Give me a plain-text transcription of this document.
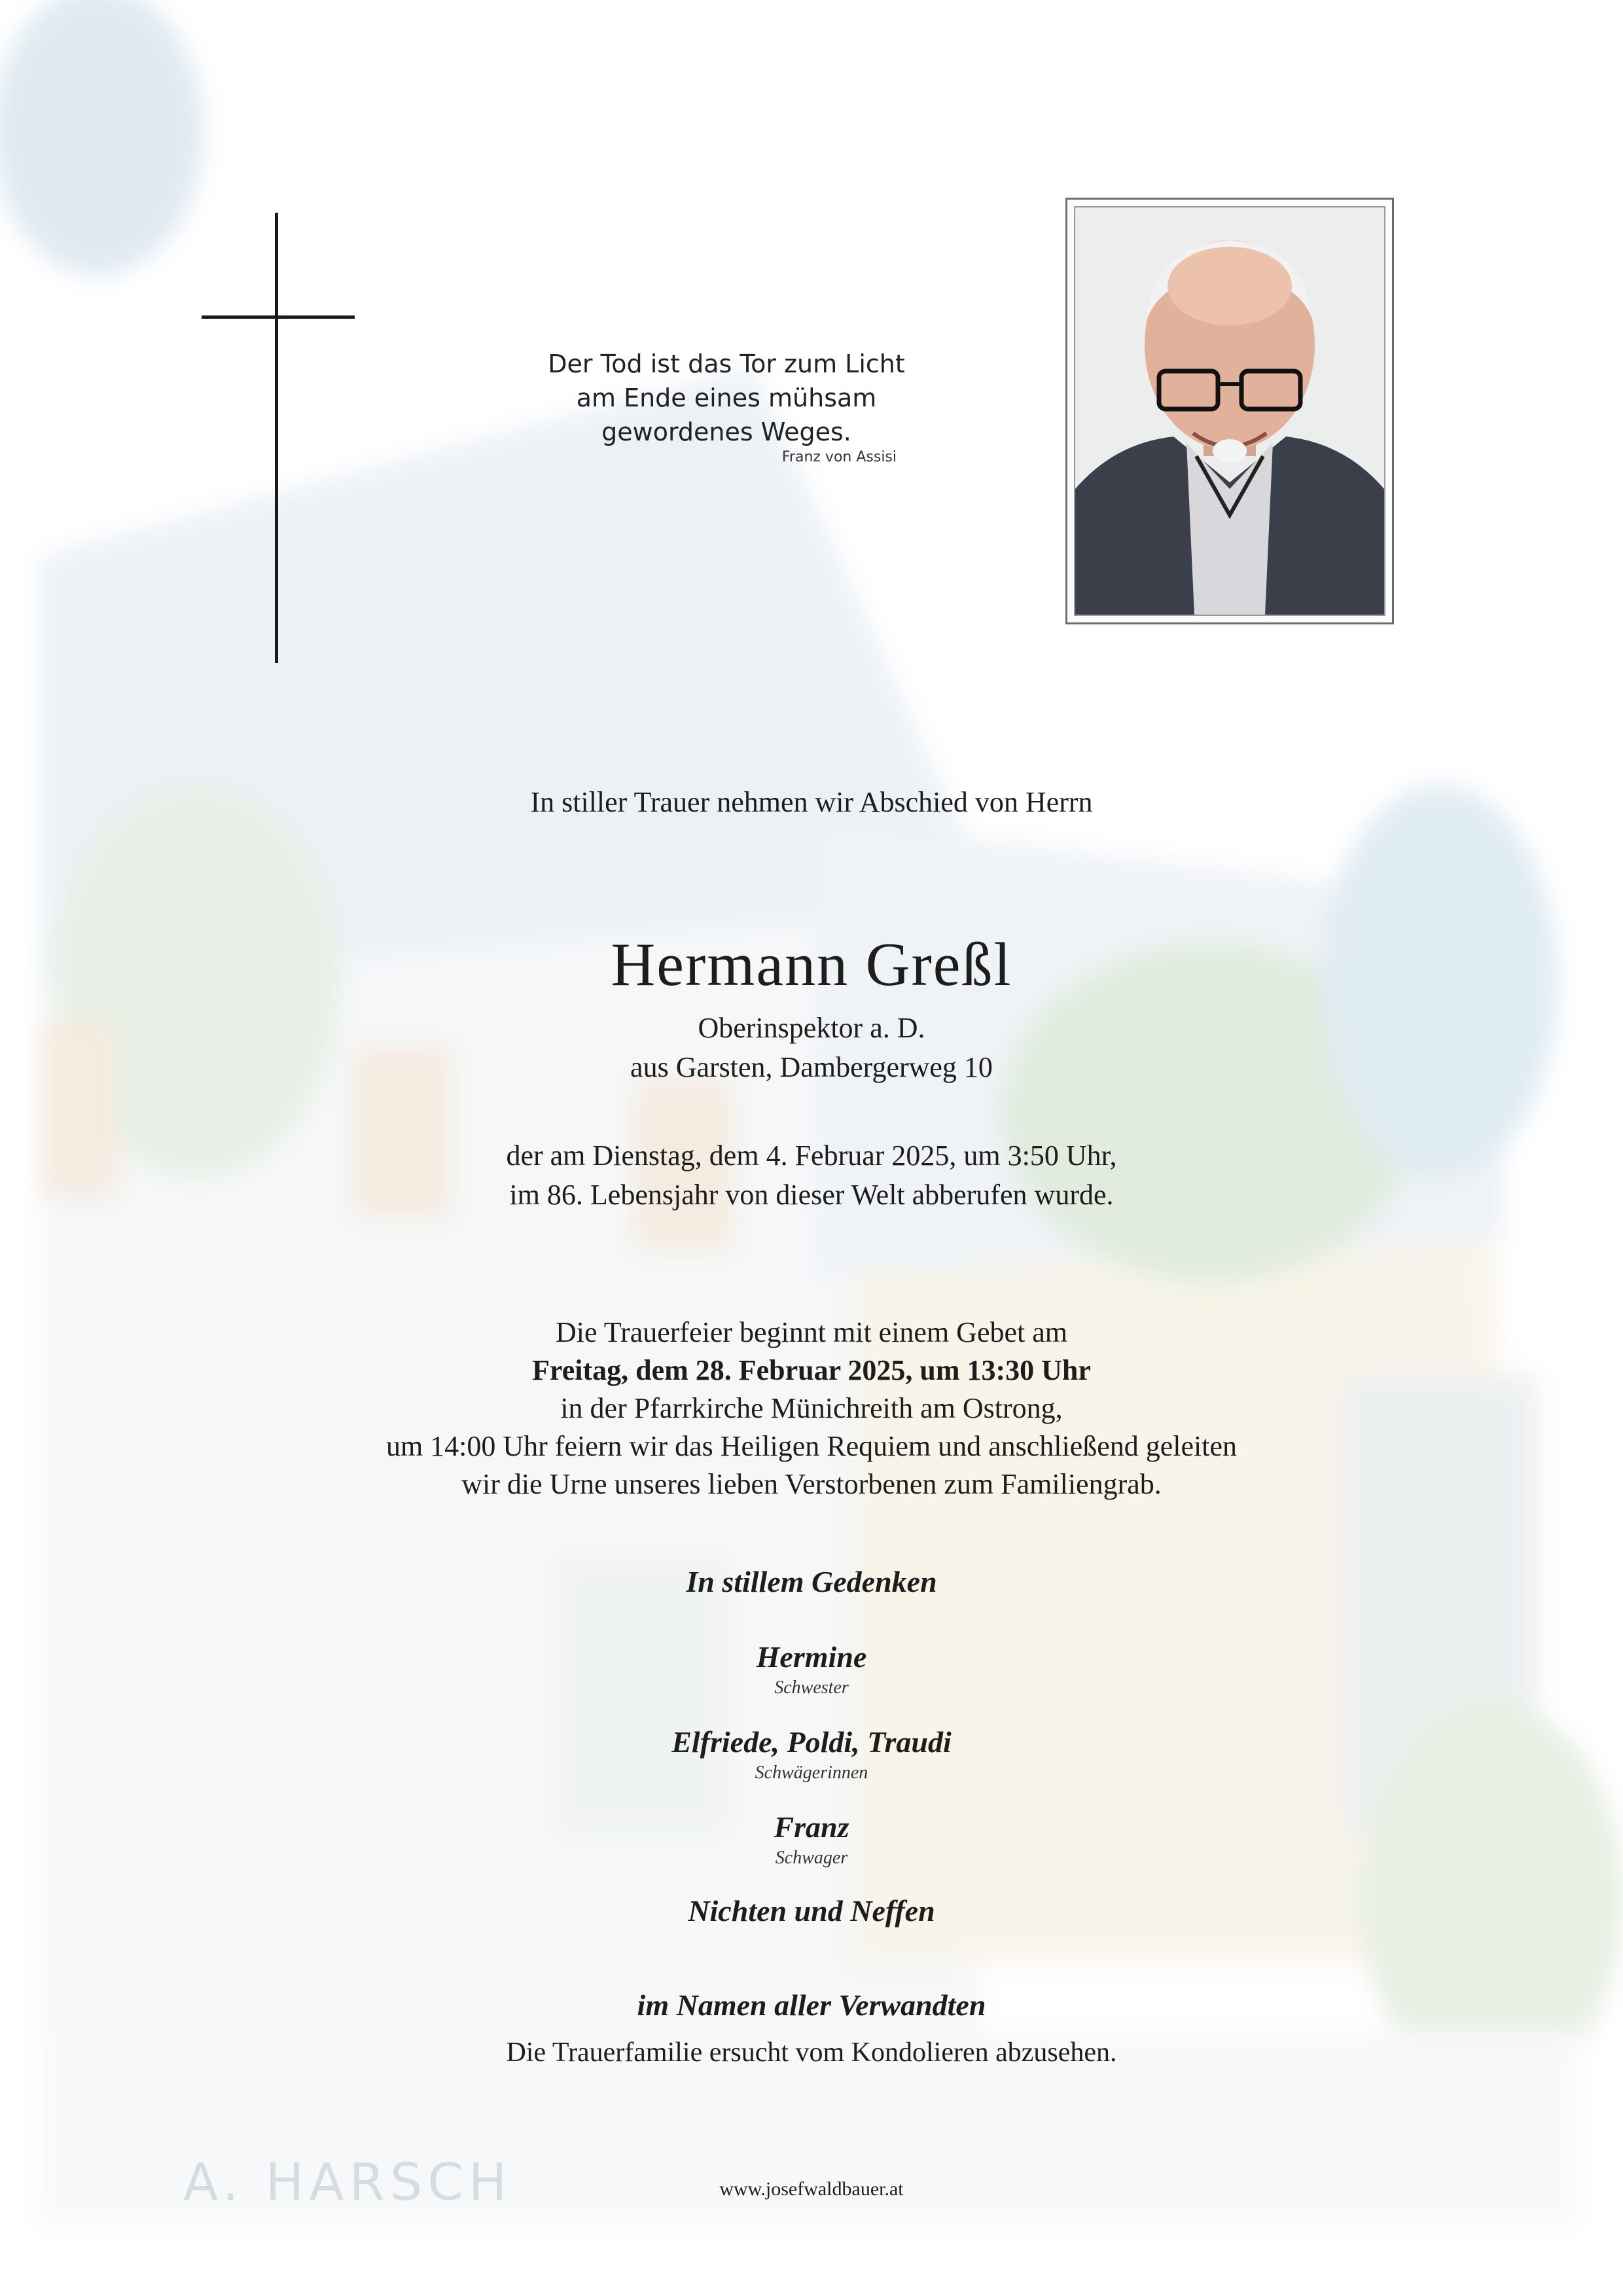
Der Tod ist das Tor zum Licht
am Ende eines mühsam
gewordenes Weges.
Franz von Assisi
In stiller Trauer nehmen wir Abschied von Herrn
Hermann Greßl
Oberinspektor a. D.
aus Garsten, Dambergerweg 10
der am Dienstag, dem 4. Februar 2025, um 3:50 Uhr,
im 86. Lebensjahr von dieser Welt abberufen wurde.
Die Trauerfeier beginnt mit einem Gebet am
Freitag, dem 28. Februar 2025, um 13:30 Uhr
in der Pfarrkirche Münichreith am Ostrong,
um 14:00 Uhr feiern wir das Heiligen Requiem und anschließend geleiten
wir die Urne unseres lieben Verstorbenen zum Familiengrab.
In stillem Gedenken
Hermine
Schwester
Elfriede, Poldi, Traudi
Schwägerinnen
Franz
Schwager
Nichten und Neffen
im Namen aller Verwandten
Die Trauerfamilie ersucht vom Kondolieren abzusehen.
A. HARSCH	www.josefwaldbauer.at
